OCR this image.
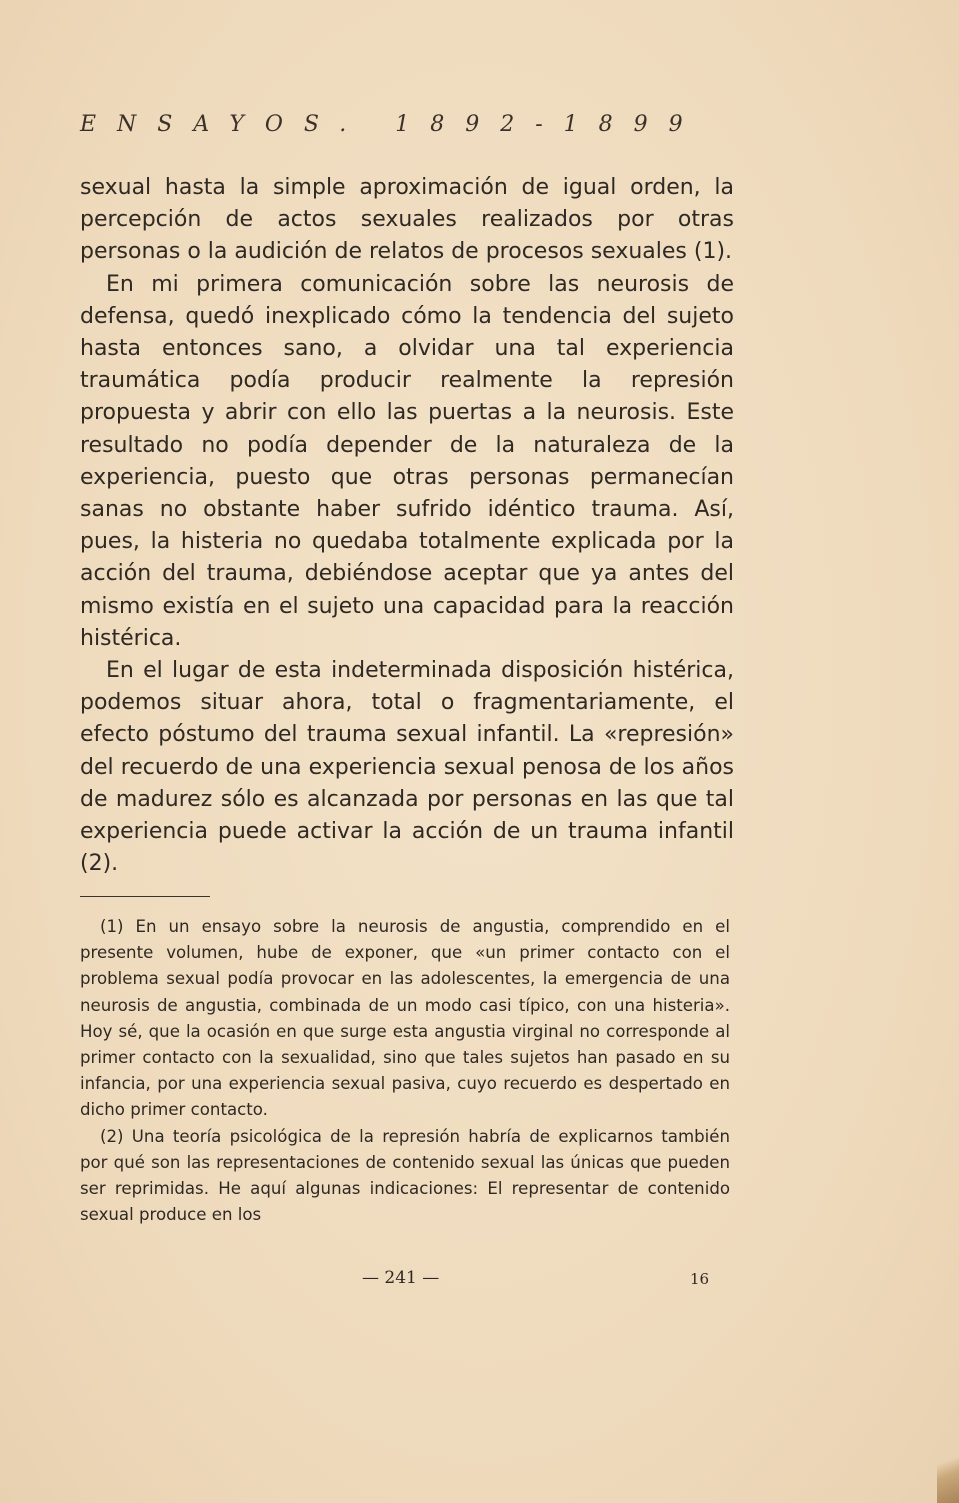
ENSAYOS. 1892-1899

sexual hasta la simple aproximación de igual orden, la percepción de actos sexuales realizados por otras personas o la audición de relatos de procesos sexuales (1).

En mi primera comunicación sobre las neurosis de defensa, quedó inexplicado cómo la tendencia del sujeto hasta entonces sano, a olvidar una tal experiencia traumática podía producir realmente la represión propuesta y abrir con ello las puertas a la neurosis. Este resultado no podía depender de la naturaleza de la experiencia, puesto que otras personas permanecían sanas no obstante haber sufrido idéntico trauma. Así, pues, la histeria no quedaba totalmente explicada por la acción del trauma, debiéndose aceptar que ya antes del mismo existía en el sujeto una capacidad para la reacción histérica.

En el lugar de esta indeterminada disposición histérica, podemos situar ahora, total o fragmentariamente, el efecto póstumo del trauma sexual infantil. La «represión» del recuerdo de una experiencia sexual penosa de los años de madurez sólo es alcanzada por personas en las que tal experiencia puede activar la acción de un trauma infantil (2).

(1) En un ensayo sobre la neurosis de angustia, comprendido en el presente volumen, hube de exponer, que «un primer contacto con el problema sexual podía provocar en las adolescentes, la emergencia de una neurosis de angustia, combinada de un modo casi típico, con una histeria». Hoy sé, que la ocasión en que surge esta angustia virginal no corresponde al primer contacto con la sexualidad, sino que tales sujetos han pasado en su infancia, por una experiencia sexual pasiva, cuyo recuerdo es despertado en dicho primer contacto.

(2) Una teoría psicológica de la represión habría de explicarnos también por qué son las representaciones de contenido sexual las únicas que pueden ser reprimidas. He aquí algunas indicaciones: El representar de contenido sexual produce en los

— 241 —	16
